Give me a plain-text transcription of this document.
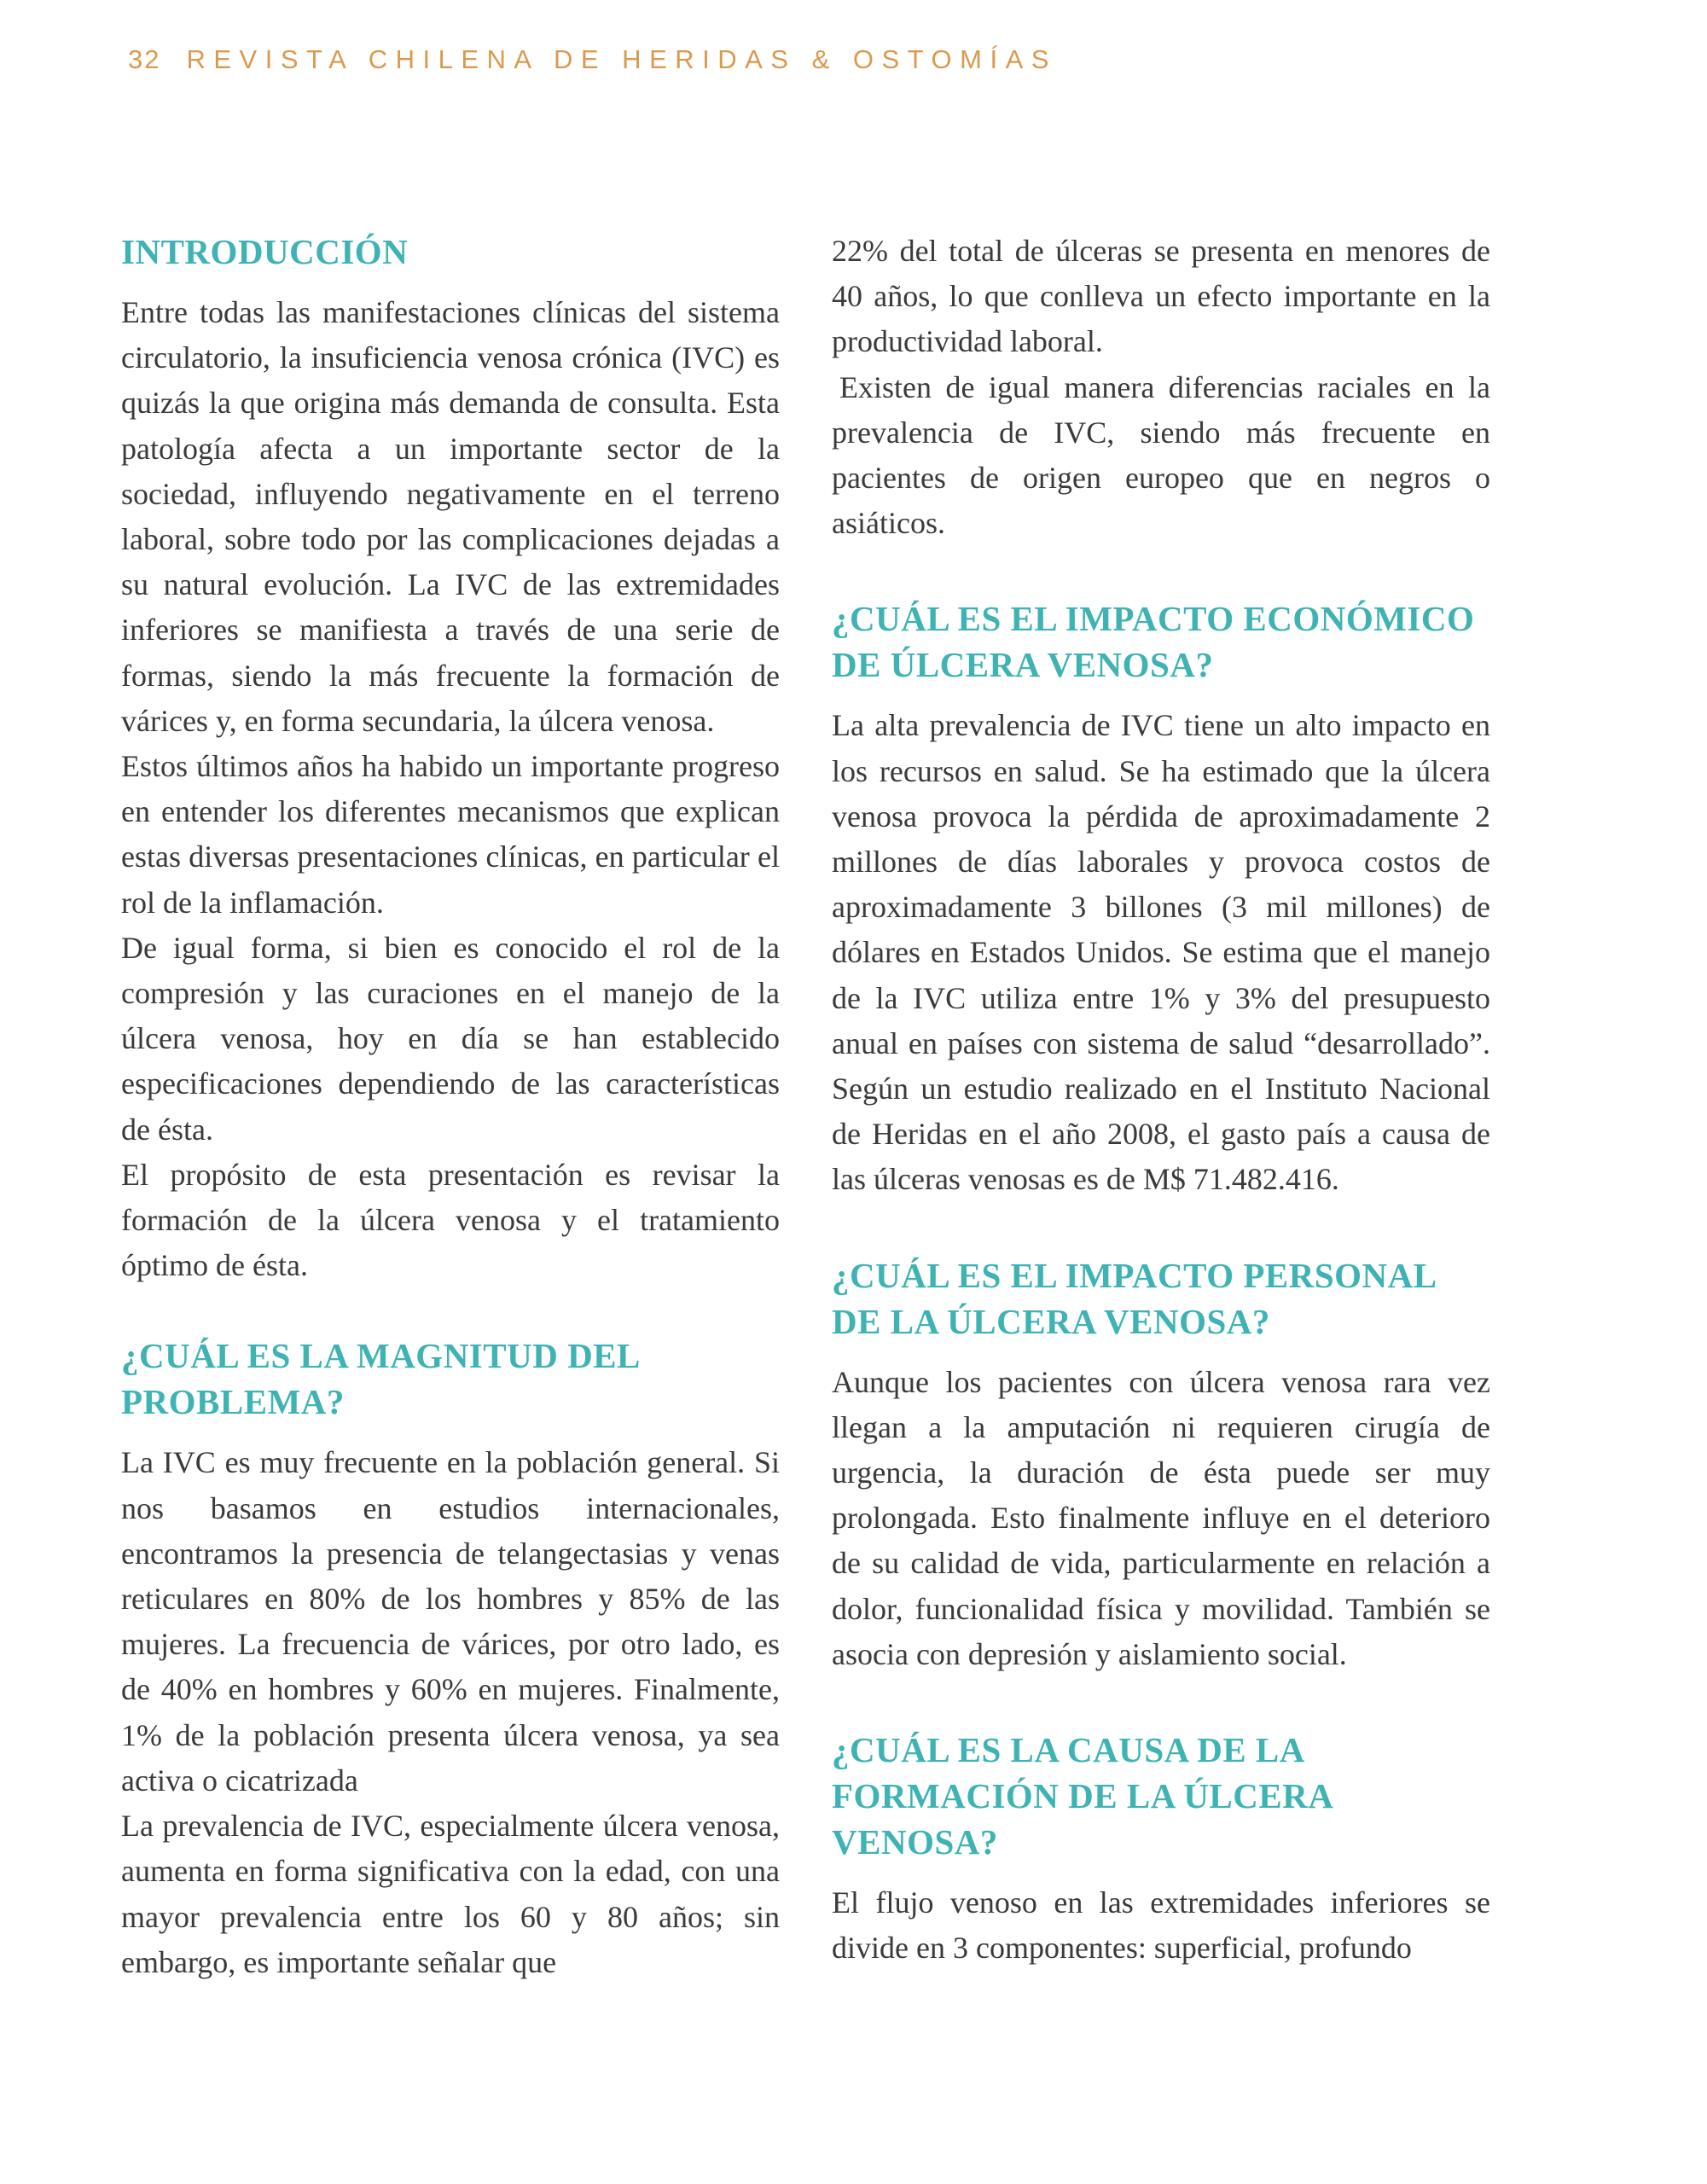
32 REVISTA CHILENA DE HERIDAS & OSTOMÍAS
INTRODUCCIÓN

Entre todas las manifestaciones clínicas del sistema circulatorio, la insuficiencia venosa crónica (IVC) es quizás la que origina más demanda de consulta. Esta patología afecta a un importante sector de la sociedad, influyendo negativamente en el terreno laboral, sobre todo por las complicaciones dejadas a su natural evolución. La IVC de las extremidades inferiores se manifiesta a través de una serie de formas, siendo la más frecuente la formación de várices y, en forma secundaria, la úlcera venosa.

Estos últimos años ha habido un importante progreso en entender los diferentes mecanismos que explican estas diversas presentaciones clínicas, en particular el rol de la inflamación.

De igual forma, si bien es conocido el rol de la compresión y las curaciones en el manejo de la úlcera venosa, hoy en día se han establecido especificaciones dependiendo de las características de ésta.

El propósito de esta presentación es revisar la formación de la úlcera venosa y el tratamiento óptimo de ésta.

¿CUÁL ES LA MAGNITUD DEL PROBLEMA?

La IVC es muy frecuente en la población general. Si nos basamos en estudios internacionales, encontramos la presencia de telangectasias y venas reticulares en 80% de los hombres y 85% de las mujeres. La frecuencia de várices, por otro lado, es de 40% en hombres y 60% en mujeres. Finalmente, 1% de la población presenta úlcera venosa, ya sea activa o cicatrizada

La prevalencia de IVC, especialmente úlcera venosa, aumenta en forma significativa con la edad, con una mayor prevalencia entre los 60 y 80 años; sin embargo, es importante señalar que

22% del total de úlceras se presenta en menores de 40 años, lo que conlleva un efecto importante en la productividad laboral.

Existen de igual manera diferencias raciales en la prevalencia de IVC, siendo más frecuente en pacientes de origen europeo que en negros o asiáticos.

¿CUÁL ES EL IMPACTO ECONÓMICO DE ÚLCERA VENOSA?

La alta prevalencia de IVC tiene un alto impacto en los recursos en salud. Se ha estimado que la úlcera venosa provoca la pérdida de aproximadamente 2 millones de días laborales y provoca costos de aproximadamente 3 billones (3 mil millones) de dólares en Estados Unidos. Se estima que el manejo de la IVC utiliza entre 1% y 3% del presupuesto anual en países con sistema de salud “desarrollado”. Según un estudio realizado en el Instituto Nacional de Heridas en el año 2008, el gasto país a causa de las úlceras venosas es de M$ 71.482.416.

¿CUÁL ES EL IMPACTO PERSONAL DE LA ÚLCERA VENOSA?

Aunque los pacientes con úlcera venosa rara vez llegan a la amputación ni requieren cirugía de urgencia, la duración de ésta puede ser muy prolongada. Esto finalmente influye en el deterioro de su calidad de vida, particularmente en relación a dolor, funcionalidad física y movilidad. También se asocia con depresión y aislamiento social.

¿CUÁL ES LA CAUSA DE LA FORMACIÓN DE LA ÚLCERA VENOSA?

El flujo venoso en las extremidades inferiores se divide en 3 componentes: superficial, profundo
